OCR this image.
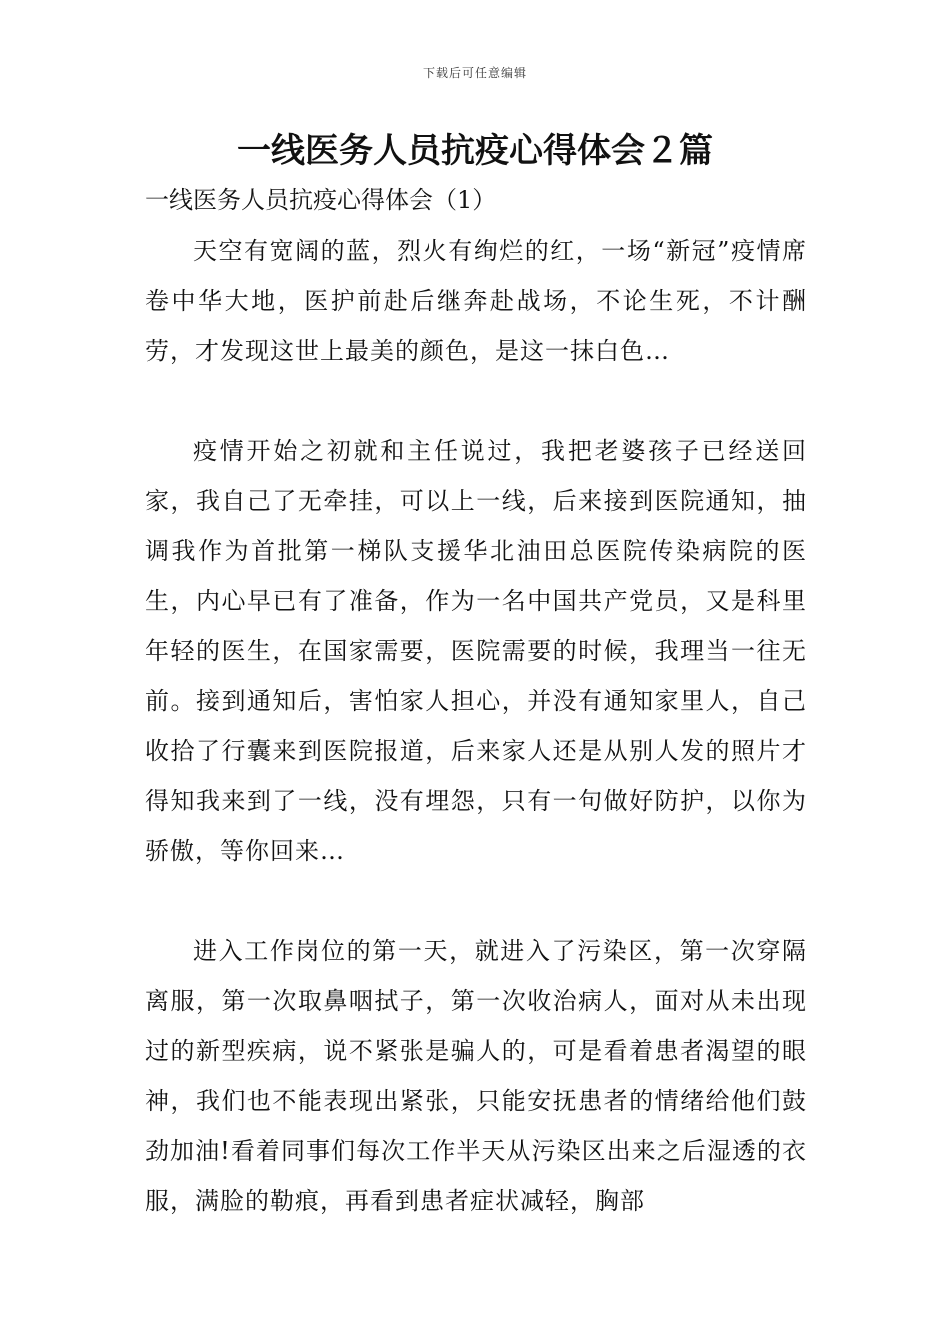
下载后可任意编辑
一线医务人员抗疫心得体会２篇
一线医务人员抗疫心得体会（1）

天空有宽阔的蓝，烈火有绚烂的红，一场“新冠”疫情席卷中华大地，医护前赴后继奔赴战场，不论生死，不计酬劳，才发现这世上最美的颜色，是这一抹白色…

疫情开始之初就和主任说过，我把老婆孩子已经送回家，我自己了无牵挂，可以上一线，后来接到医院通知，抽调我作为首批第一梯队支援华北油田总医院传染病院的医生，内心早已有了准备，作为一名中国共产党员，又是科里年轻的医生，在国家需要，医院需要的时候，我理当一往无前。接到通知后，害怕家人担心，并没有通知家里人，自己收拾了行囊来到医院报道，后来家人还是从别人发的照片才得知我来到了一线，没有埋怨，只有一句做好防护，以你为骄傲，等你回来…

进入工作岗位的第一天，就进入了污染区，第一次穿隔离服，第一次取鼻咽拭子，第一次收治病人，面对从未出现过的新型疾病，说不紧张是骗人的，可是看着患者渴望的眼神，我们也不能表现出紧张，只能安抚患者的情绪给他们鼓劲加油!看着同事们每次工作半天从污染区出来之后湿透的衣服，满脸的勒痕，再看到患者症状减轻，胸部
